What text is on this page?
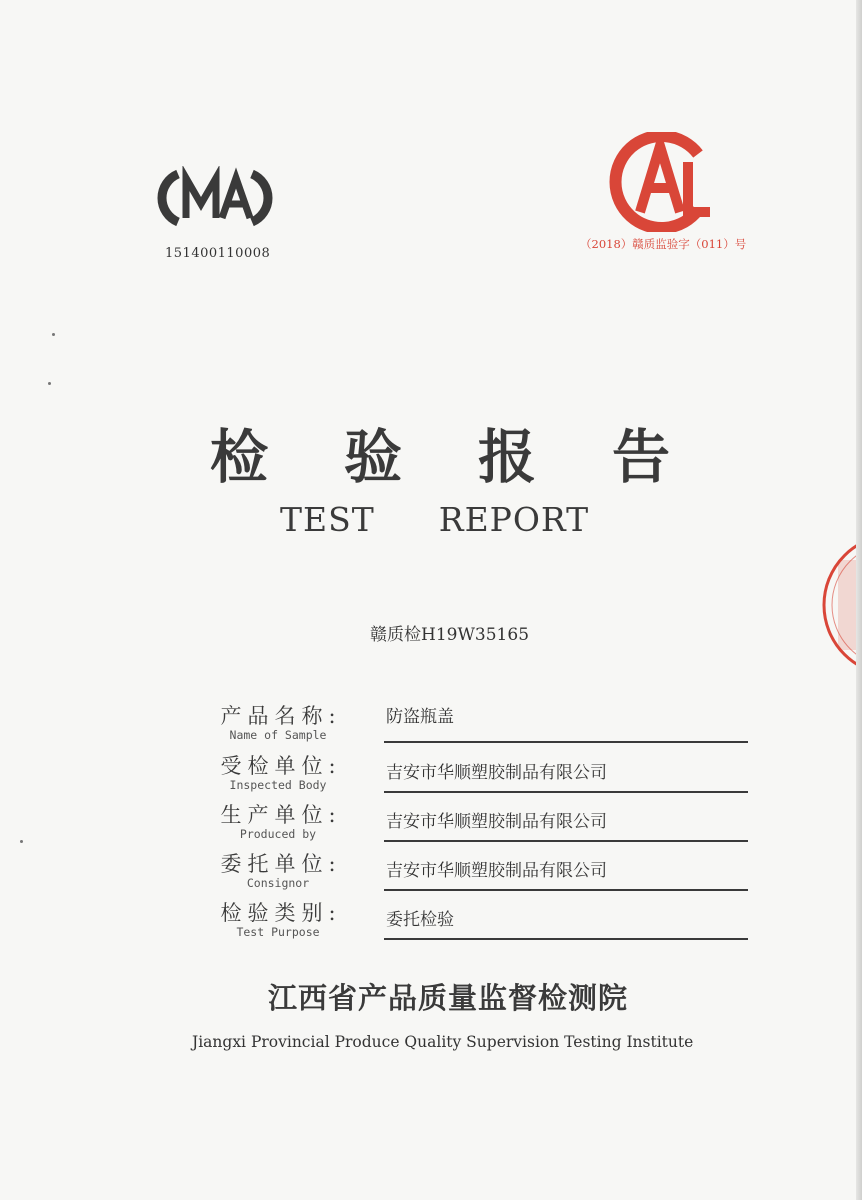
151400110008
（2018）赣质监验字（011）号
检 验 报 告
TEST REPORT
赣质检H19W35165
产品名称:
Name of Sample
防盗瓶盖
受检单位:
Inspected Body
吉安市华顺塑胶制品有限公司
生产单位:
Produced by
吉安市华顺塑胶制品有限公司
委托单位:
Consignor
吉安市华顺塑胶制品有限公司
检验类别:
Test Purpose
委托检验
江西省产品质量监督检测院
Jiangxi Provincial Produce Quality Supervision Testing Institute
